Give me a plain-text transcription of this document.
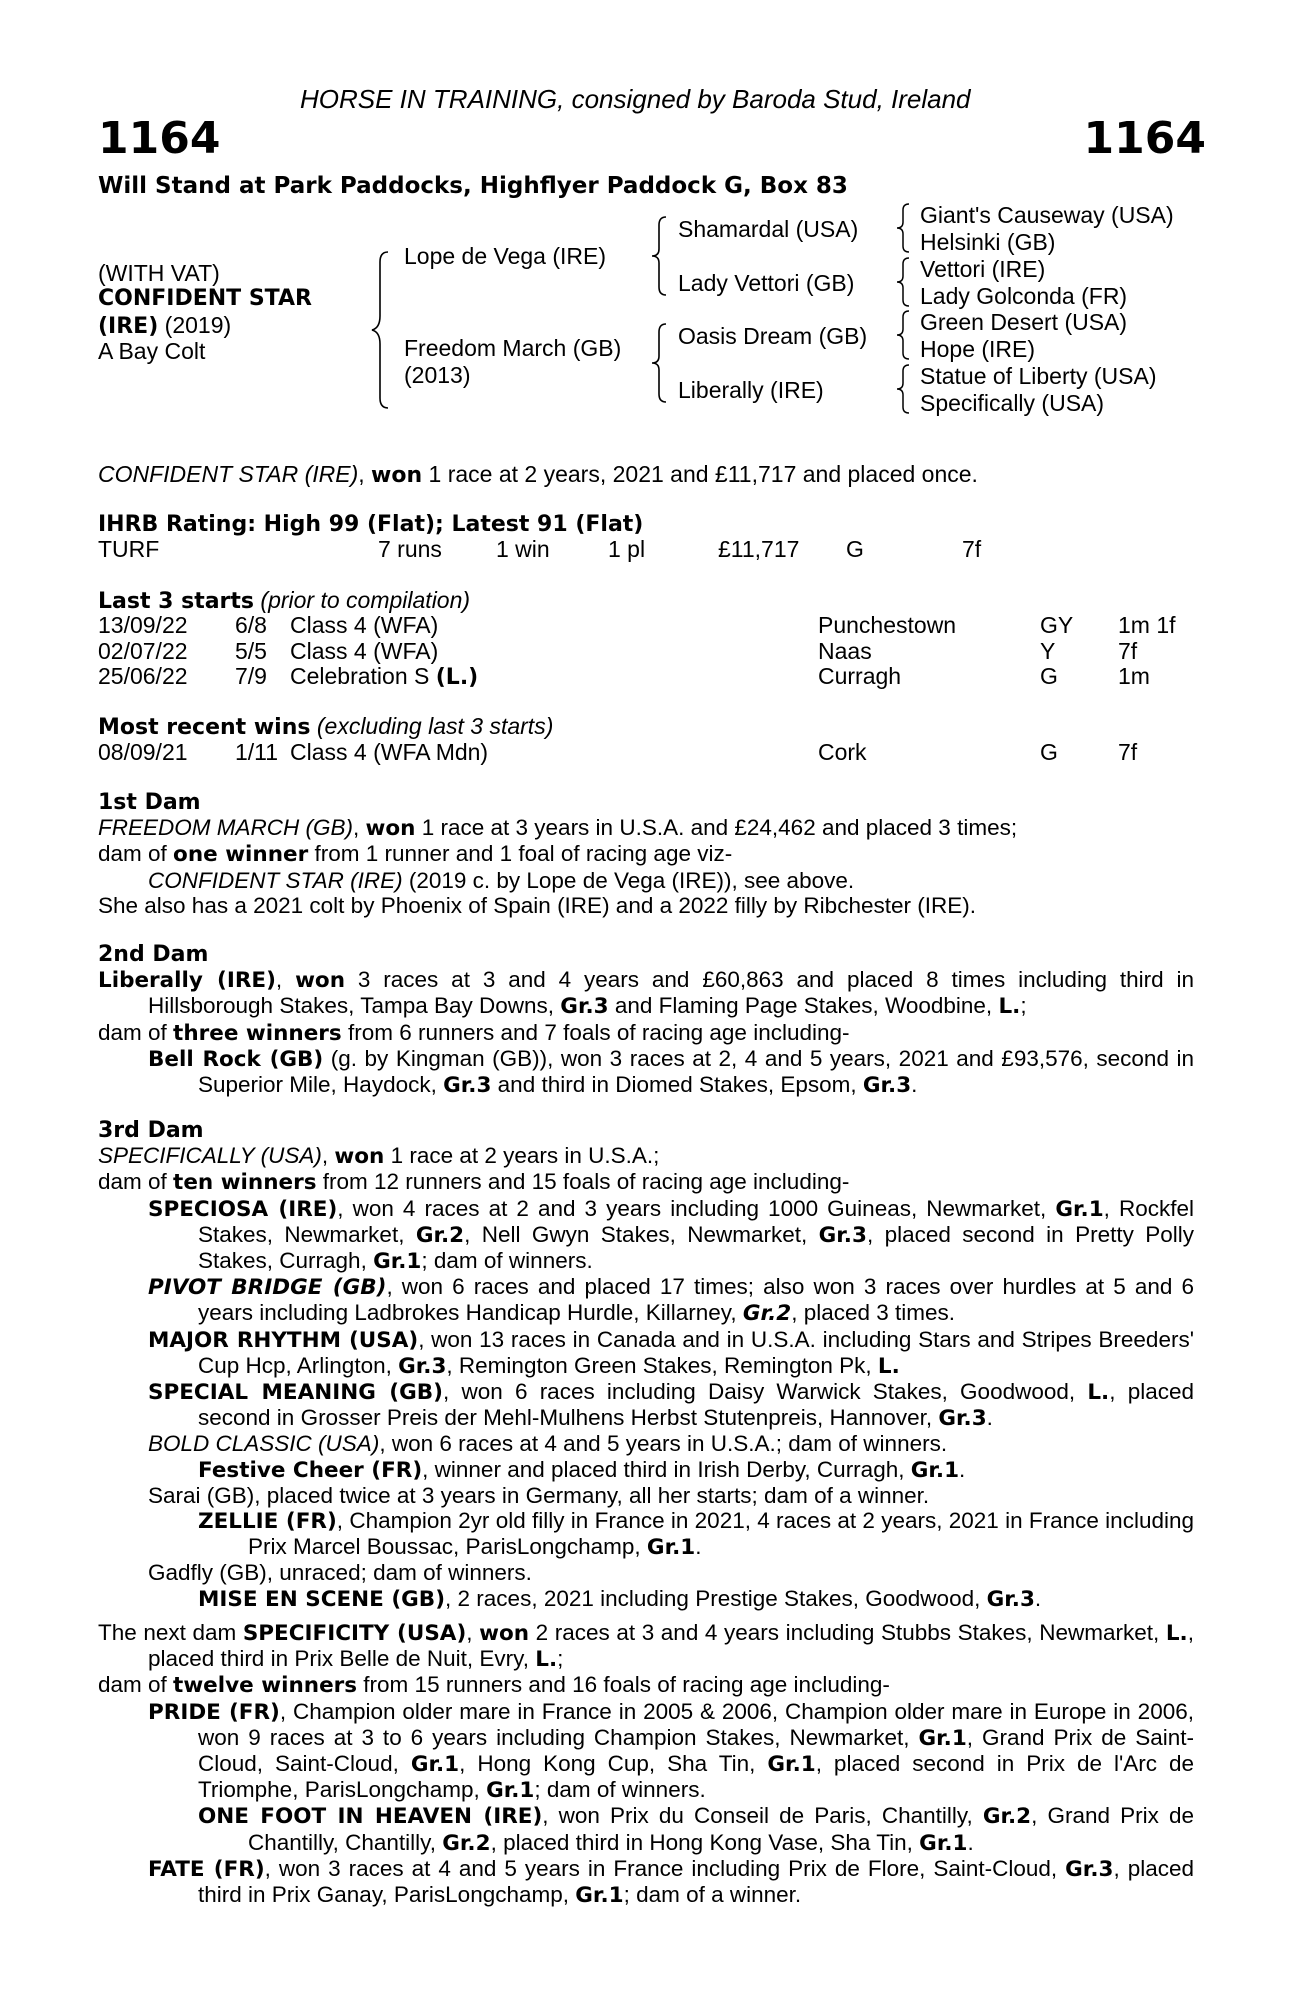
HORSE IN TRAINING, consigned by Baroda Stud, Ireland
1164	1164
Will Stand at Park Paddocks, Highflyer Paddock G, Box 83
(WITH VAT)
CONFIDENT STAR
(IRE) (2019)
A Bay Colt
Lope de Vega (IRE)
Freedom March (GB)
(2013)
Shamardal (USA)
Lady Vettori (GB)
Oasis Dream (GB)
Liberally (IRE)
Giant's Causeway (USA)
Helsinki (GB)
Vettori (IRE)
Lady Golconda (FR)
Green Desert (USA)
Hope (IRE)
Statue of Liberty (USA)
Specifically (USA)
CONFIDENT STAR (IRE), won 1 race at 2 years, 2021 and £11,717 and placed once.
IHRB Rating: High 99 (Flat); Latest 91 (Flat)
TURF	7 runs 1 win	1 pl	£11,717 G	7f
Last 3 starts (prior to compilation)
13/09/22 6/8 Class 4 (WFA)	Punchestown	GY 1m 1f
02/07/22 5/5 Class 4 (WFA)	Naas	Y	7f
25/06/22 7/9 Celebration S (L.)	Curragh	G	1m
Most recent wins (excluding last 3 starts)
08/09/21 1/11 Class 4 (WFA Mdn)	Cork	G	7f

1st Dam

FREEDOM MARCH (GB), won 1 race at 3 years in U.S.A. and £24,462 and placed 3 times;

dam of one winner from 1 runner and 1 foal of racing age viz-

CONFIDENT STAR (IRE) (2019 c. by Lope de Vega (IRE)), see above.

She also has a 2021 colt by Phoenix of Spain (IRE) and a 2022 filly by Ribchester (IRE).

2nd Dam

Liberally (IRE), won 3 races at 3 and 4 years and £60,863 and placed 8 times including third in Hillsborough Stakes, Tampa Bay Downs, Gr.3 and Flaming Page Stakes, Woodbine, L.;

dam of three winners from 6 runners and 7 foals of racing age including-

Bell Rock (GB) (g. by Kingman (GB)), won 3 races at 2, 4 and 5 years, 2021 and £93,576, second in Superior Mile, Haydock, Gr.3 and third in Diomed Stakes, Epsom, Gr.3.

3rd Dam

SPECIFICALLY (USA), won 1 race at 2 years in U.S.A.;

dam of ten winners from 12 runners and 15 foals of racing age including-

SPECIOSA (IRE), won 4 races at 2 and 3 years including 1000 Guineas, Newmarket, Gr.1, Rockfel Stakes, Newmarket, Gr.2, Nell Gwyn Stakes, Newmarket, Gr.3, placed second in Pretty Polly Stakes, Curragh, Gr.1; dam of winners.

PIVOT BRIDGE (GB), won 6 races and placed 17 times; also won 3 races over hurdles at 5 and 6 years including Ladbrokes Handicap Hurdle, Killarney, Gr.2, placed 3 times.

MAJOR RHYTHM (USA), won 13 races in Canada and in U.S.A. including Stars and Stripes Breeders' Cup Hcp, Arlington, Gr.3, Remington Green Stakes, Remington Pk, L.

SPECIAL MEANING (GB), won 6 races including Daisy Warwick Stakes, Goodwood, L., placed second in Grosser Preis der Mehl-Mulhens Herbst Stutenpreis, Hannover, Gr.3.

BOLD CLASSIC (USA), won 6 races at 4 and 5 years in U.S.A.; dam of winners.

Festive Cheer (FR), winner and placed third in Irish Derby, Curragh, Gr.1.

Sarai (GB), placed twice at 3 years in Germany, all her starts; dam of a winner.

ZELLIE (FR), Champion 2yr old filly in France in 2021, 4 races at 2 years, 2021 in France including Prix Marcel Boussac, ParisLongchamp, Gr.1.

Gadfly (GB), unraced; dam of winners.

MISE EN SCENE (GB), 2 races, 2021 including Prestige Stakes, Goodwood, Gr.3.

The next dam SPECIFICITY (USA), won 2 races at 3 and 4 years including Stubbs Stakes, Newmarket, L., placed third in Prix Belle de Nuit, Evry, L.;

dam of twelve winners from 15 runners and 16 foals of racing age including-

PRIDE (FR), Champion older mare in France in 2005 & 2006, Champion older mare in Europe in 2006, won 9 races at 3 to 6 years including Champion Stakes, Newmarket, Gr.1, Grand Prix de Saint-Cloud, Saint-Cloud, Gr.1, Hong Kong Cup, Sha Tin, Gr.1, placed second in Prix de l'Arc de Triomphe, ParisLongchamp, Gr.1; dam of winners.

ONE FOOT IN HEAVEN (IRE), won Prix du Conseil de Paris, Chantilly, Gr.2, Grand Prix de Chantilly, Chantilly, Gr.2, placed third in Hong Kong Vase, Sha Tin, Gr.1.

FATE (FR), won 3 races at 4 and 5 years in France including Prix de Flore, Saint-Cloud, Gr.3, placed third in Prix Ganay, ParisLongchamp, Gr.1; dam of a winner.
